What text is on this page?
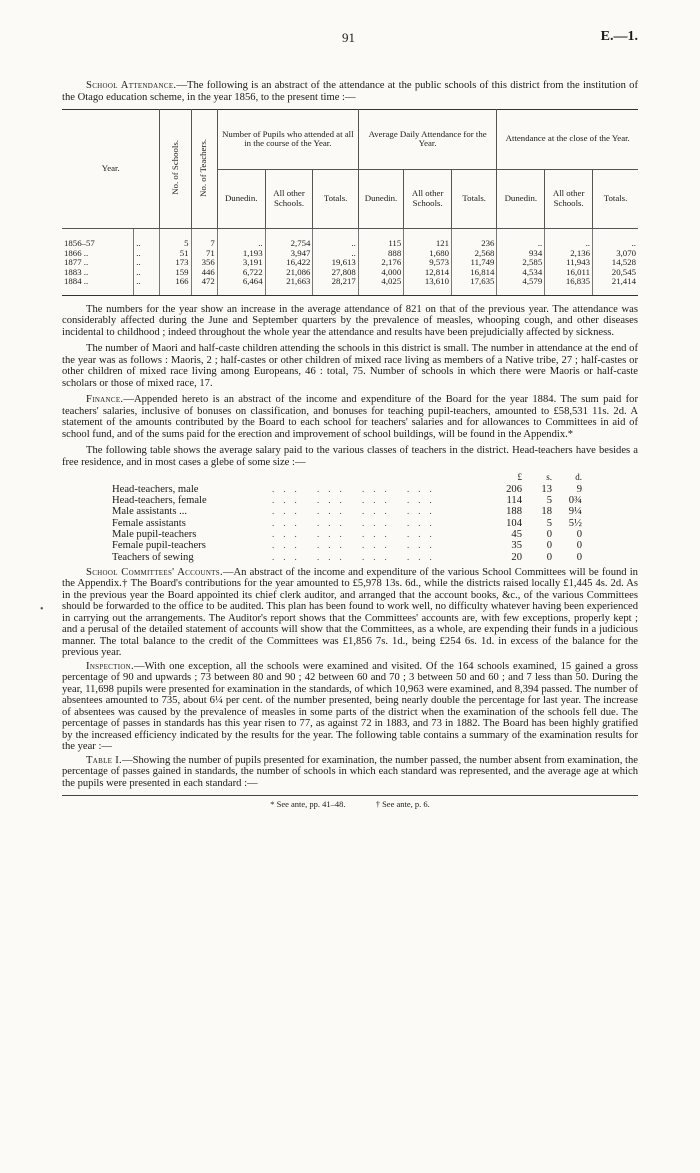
•
91	E.—1.

School Attendance.—The following is an abstract of the attendance at the public schools of this district from the institution of the Otago education scheme, in the year 1856, to the present time :—

Year.		No. of Schools.	No. of Teachers.	Number of Pupils who attended at all in the course of the Year.			Average Daily Attendance for the Year.			Attendance at the close of the Year.		
				Dunedin.	All other Schools.	Totals.	Dunedin.	All other Schools.	Totals.	Dunedin.	All other Schools.	Totals.
1856–57	..	5	7	..	2,754	..	115	121	236	..	..	..
1866 ..	..	51	71	1,193	3,947	..	888	1,680	2,568	934	2,136	3,070
1877 ..	..	173	356	3,191	16,422	19,613	2,176	9,573	11,749	2,585	11,943	14,528
1883 ..	..	159	446	6,722	21,086	27,808	4,000	12,814	16,814	4,534	16,011	20,545
1884 ..	..	166	472	6,464	21,663	28,217	4,025	13,610	17,635	4,579	16,835	21,414

The numbers for the year show an increase in the average attendance of 821 on that of the previous year. The attendance was considerably affected during the June and September quarters by the prevalence of measles, whooping cough, and other diseases incidental to childhood ; indeed throughout the whole year the attendance and results have been prejudicially affected by sickness.

The number of Maori and half-caste children attending the schools in this district is small. The number in attendance at the end of the year was as follows : Maoris, 2 ; half-castes or other children of mixed race living as members of a Native tribe, 27 ; half-castes or other children of mixed race living among Europeans, 46 : total, 75. Number of schools in which there were Maoris or half-caste scholars or those of mixed race, 17.

Finance.—Appended hereto is an abstract of the income and expenditure of the Board for the year 1884. The sum paid for teachers' salaries, inclusive of bonuses on classification, and bonuses for teaching pupil-teachers, amounted to £58,531 11s. 2d. A statement of the amounts contributed by the Board to each school for teachers' salaries and for allowances to Committees in aid of school fund, and of the sums paid for the erection and improvement of school buildings, will be found in the Appendix.*

The following table shows the average salary paid to the various classes of teachers in the district. Head-teachers have besides a free residence, and in most cases a glebe of some size :—

£	s.	d.
Head-teachers, male	... ... ... ...	206	13	9
Head-teachers, female	... ... ... ...	114	5	0¾
Male assistants ...	... ... ... ...	188	18	9¼
Female assistants	... ... ... ...	104	5	5½
Male pupil-teachers	... ... ... ...	45	0	0
Female pupil-teachers	... ... ... ...	35	0	0
Teachers of sewing	... ... ... ...	20	0	0

School Committees' Accounts.—An abstract of the income and expenditure of the various School Committees will be found in the Appendix.† The Board's contributions for the year amounted to £5,978 13s. 6d., while the districts raised locally £1,445 4s. 2d. As in the previous year the Board appointed its chief clerk auditor, and arranged that the account books, &c., of the various Committees should be forwarded to the office to be audited. This plan has been found to work well, no difficulty whatever having been experienced in carrying out the arrangements. The Auditor's report shows that the Committees' accounts are, with few exceptions, properly kept ; and a perusal of the detailed statement of accounts will show that the Committees, as a whole, are expending their funds in a judicious manner. The total balance to the credit of the Committees was £1,856 7s. 1d., being £254 6s. 1d. in excess of the balance for the previous year.

Inspection.—With one exception, all the schools were examined and visited. Of the 164 schools examined, 15 gained a gross percentage of 90 and upwards ; 73 between 80 and 90 ; 42 between 60 and 70 ; 3 between 50 and 60 ; and 7 less than 50. During the year, 11,698 pupils were presented for examination in the standards, of which 10,963 were examined, and 8,394 passed. The number of absentees amounted to 735, about 6¼ per cent. of the number presented, being nearly double the percentage for last year. The increase of absentees was caused by the prevalence of measles in some parts of the district when the examination of the schools fell due. The percentage of passes in standards has this year risen to 77, as against 72 in 1883, and 73 in 1882. The Board has been highly gratified by the increased efficiency indicated by the results for the year. The following table contains a summary of the examination results for the year :—

Table I.—Showing the number of pupils presented for examination, the number passed, the number absent from examination, the percentage of passes gained in standards, the number of schools in which each standard was represented, and the average age at which the pupils were presented in each standard :—

* See ante, pp. 41–48.	† See ante, p. 6.
